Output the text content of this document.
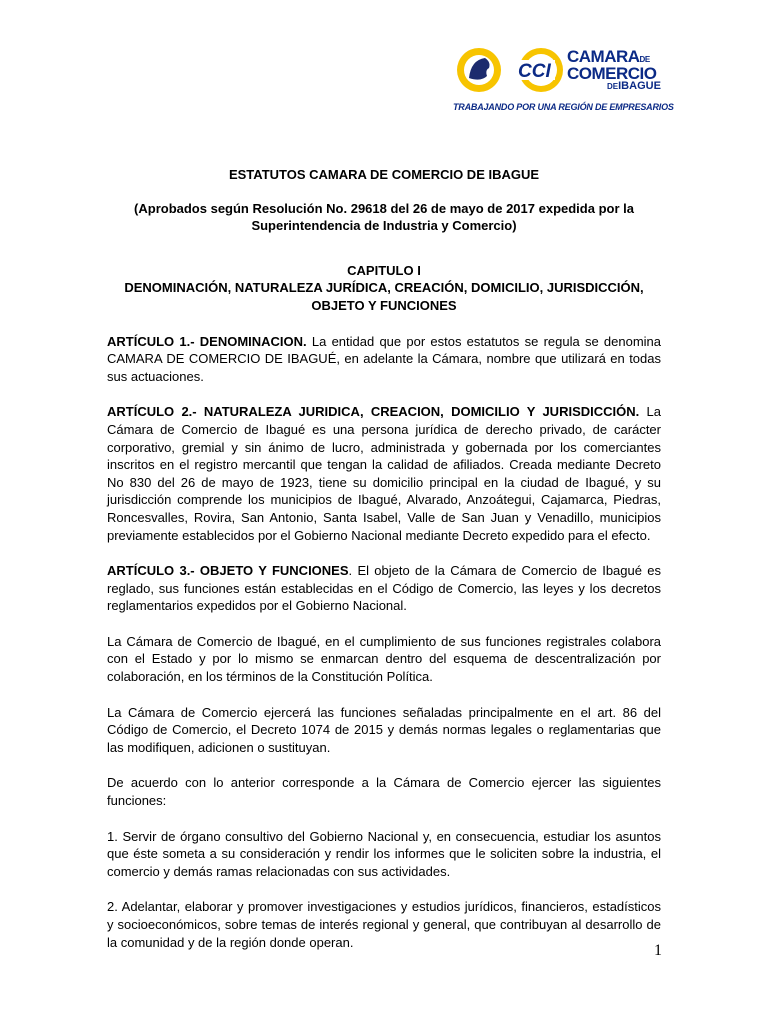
CCI
CAMARADE
COMERCIO
DEIBAGUE
TRABAJANDO POR UNA REGIÓN DE EMPRESARIOS
ESTATUTOS CAMARA DE COMERCIO DE IBAGUE
(Aprobados según Resolución No. 29618 del 26 de mayo de 2017 expedida por la Superintendencia de Industria y Comercio)
CAPITULO I
DENOMINACIÓN, NATURALEZA JURÍDICA, CREACIÓN, DOMICILIO, JURISDICCIÓN, OBJETO Y FUNCIONES

ARTÍCULO 1.- DENOMINACION. La entidad que por estos estatutos se regula se denomina CAMARA DE COMERCIO DE IBAGUÉ, en adelante la Cámara, nombre que utilizará en todas sus actuaciones.

ARTÍCULO 2.- NATURALEZA JURIDICA, CREACION, DOMICILIO Y JURISDICCIÓN. La Cámara de Comercio de Ibagué es una persona jurídica de derecho privado, de carácter corporativo, gremial y sin ánimo de lucro, administrada y gobernada por los comerciantes inscritos en el registro mercantil que tengan la calidad de afiliados. Creada mediante Decreto No 830 del 26 de mayo de 1923, tiene su domicilio principal en la ciudad de Ibagué, y su jurisdicción comprende los municipios de Ibagué, Alvarado, Anzoátegui, Cajamarca, Piedras, Roncesvalles, Rovira, San Antonio, Santa Isabel, Valle de San Juan y Venadillo, municipios previamente establecidos por el Gobierno Nacional mediante Decreto expedido para el efecto.

ARTÍCULO 3.- OBJETO Y FUNCIONES. El objeto de la Cámara de Comercio de Ibagué es reglado, sus funciones están establecidas en el Código de Comercio, las leyes y los decretos reglamentarios expedidos por el Gobierno Nacional.

La Cámara de Comercio de Ibagué, en el cumplimiento de sus funciones registrales colabora con el Estado y por lo mismo se enmarcan dentro del esquema de descentralización por colaboración, en los términos de la Constitución Política.

La Cámara de Comercio ejercerá las funciones señaladas principalmente en el art. 86 del Código de Comercio, el Decreto 1074 de 2015 y demás normas legales o reglamentarias que las modifiquen, adicionen o sustituyan.

De acuerdo con lo anterior corresponde a la Cámara de Comercio ejercer las siguientes funciones:

1. Servir de órgano consultivo del Gobierno Nacional y, en consecuencia, estudiar los asuntos que éste someta a su consideración y rendir los informes que le soliciten sobre la industria, el comercio y demás ramas relacionadas con sus actividades.

2. Adelantar, elaborar y promover investigaciones y estudios jurídicos, financieros, estadísticos y socioeconómicos, sobre temas de interés regional y general, que contribuyan al desarrollo de la comunidad y de la región donde operan.	1
